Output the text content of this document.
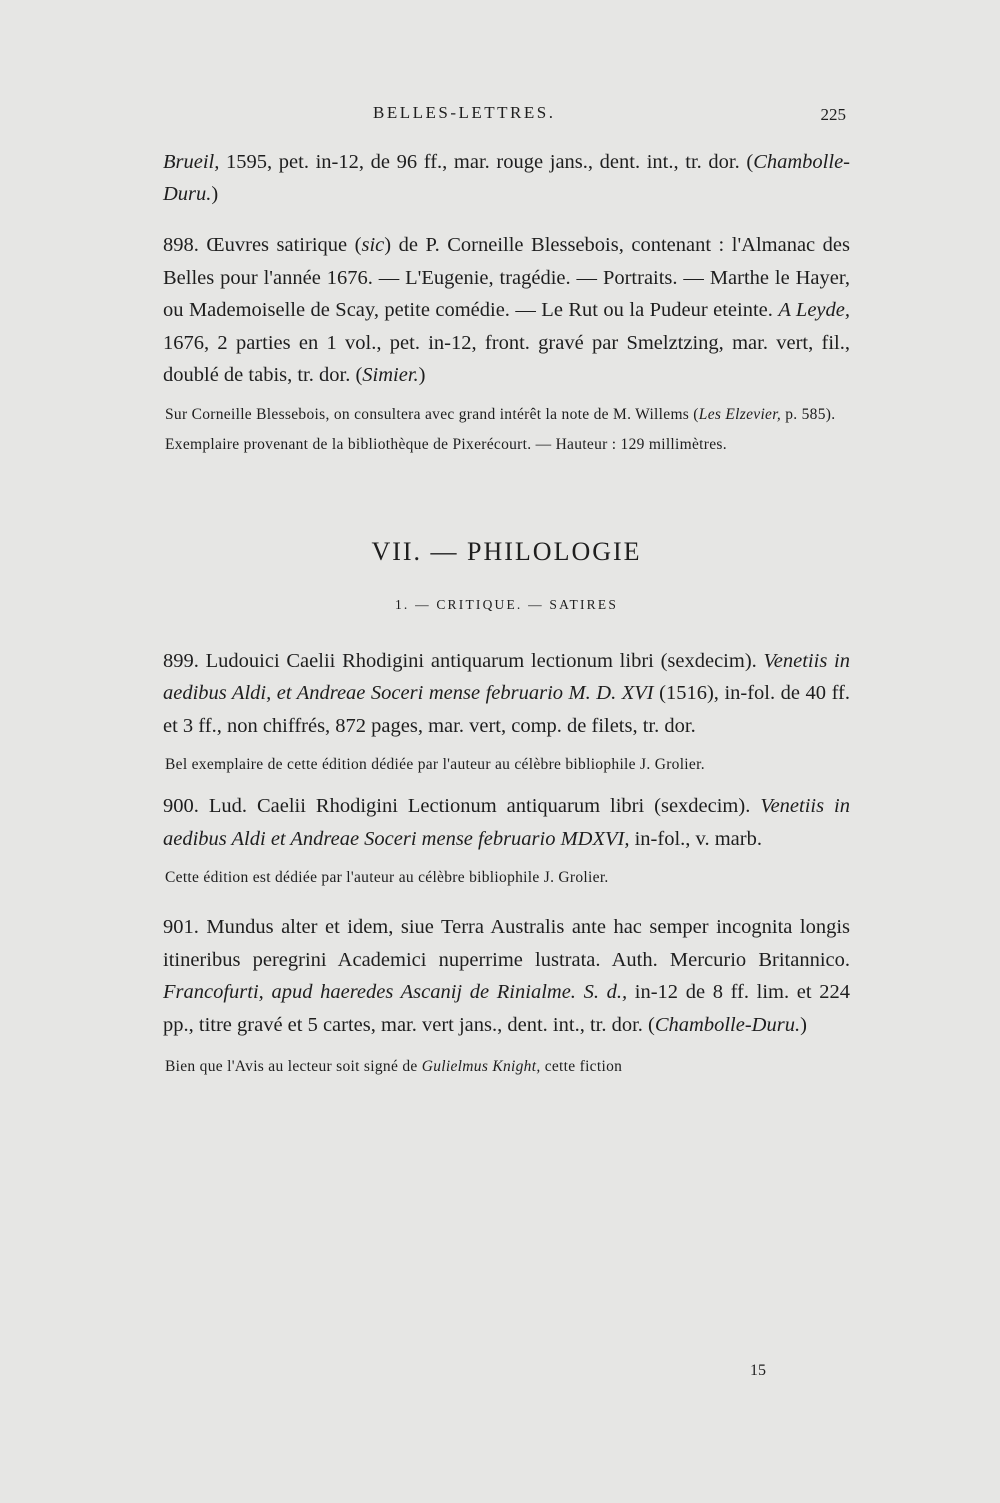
BELLES-LETTRES.	225

Brueil, 1595, pet. in-12, de 96 ff., mar. rouge jans., dent. int., tr. dor. (Chambolle-Duru.)

898. Œuvres satirique (sic) de P. Corneille Blessebois, contenant : l'Almanac des Belles pour l'année 1676. — L'Eugenie, tragédie. — Portraits. — Marthe le Hayer, ou Mademoiselle de Scay, petite comédie. — Le Rut ou la Pudeur eteinte. A Leyde, 1676, 2 parties en 1 vol., pet. in-12, front. gravé par Smelztzing, mar. vert, fil., doublé de tabis, tr. dor. (Simier.)

Sur Corneille Blessebois, on consultera avec grand intérêt la note de M. Willems (Les Elzevier, p. 585).

Exemplaire provenant de la bibliothèque de Pixerécourt. — Hauteur : 129 millimètres.

VII. — PHILOLOGIE

1. — CRITIQUE. — SATIRES

899. Ludouici Caelii Rhodigini antiquarum lectionum libri (sexdecim). Venetiis in aedibus Aldi, et Andreae Soceri mense februario M. D. XVI (1516), in-fol. de 40 ff. et 3 ff., non chiffrés, 872 pages, mar. vert, comp. de filets, tr. dor.

Bel exemplaire de cette édition dédiée par l'auteur au célèbre bibliophile J. Grolier.

900. Lud. Caelii Rhodigini Lectionum antiquarum libri (sexdecim). Venetiis in aedibus Aldi et Andreae Soceri mense februario MDXVI, in-fol., v. marb.

Cette édition est dédiée par l'auteur au célèbre bibliophile J. Grolier.

901. Mundus alter et idem, siue Terra Australis ante hac semper incognita longis itineribus peregrini Academici nuperrime lustrata. Auth. Mercurio Britannico. Francofurti, apud haeredes Ascanij de Rinialme. S. d., in-12 de 8 ff. lim. et 224 pp., titre gravé et 5 cartes, mar. vert jans., dent. int., tr. dor. (Chambolle-Duru.)

Bien que l'Avis au lecteur soit signé de Gulielmus Knight, cette fiction

15
